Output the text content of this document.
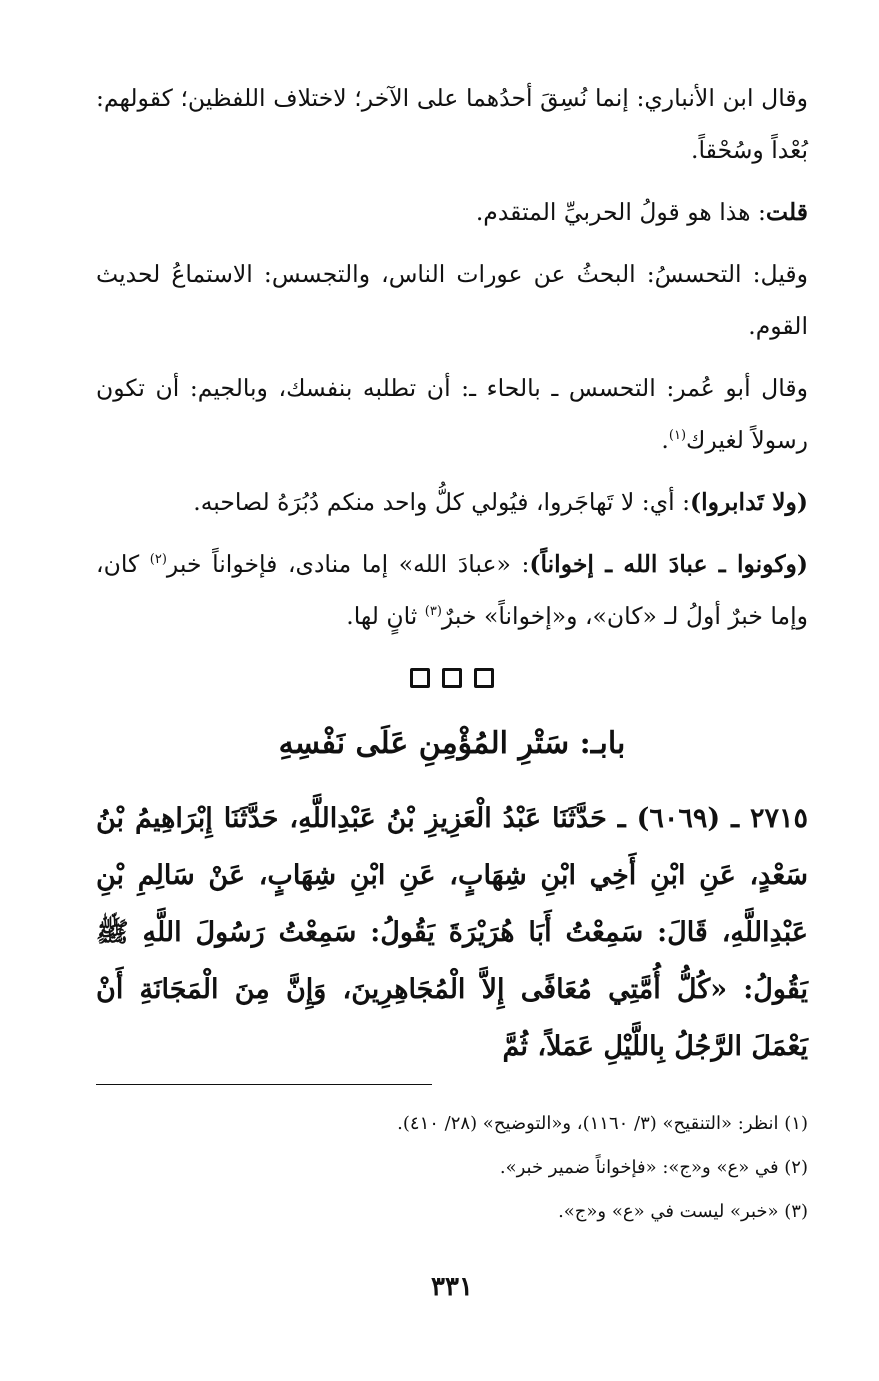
وقال ابن الأنباري: إنما نُسِقَ أحدُهما على الآخر؛ لاختلاف اللفظين؛ كقولهم: بُعْداً وسُحْقاً.

قلت: هذا هو قولُ الحربيِّ المتقدم.

وقيل: التحسسُ: البحثُ عن عورات الناس، والتجسس: الاستماعُ لحديث القوم.

وقال أبو عُمر: التحسس ـ بالحاء ـ: أن تطلبه بنفسك، وبالجيم: أن تكون رسولاً لغيرك$^{(١)}$.

(ولا تَدابروا): أي: لا تَهاجَروا، فيُولي كلُّ واحد منكم دُبُرَهُ لصاحبه.

(وكونوا ـ عبادَ الله ـ إخواناً): «عبادَ الله» إما منادى، فإخواناً خبر$^{(٢)}$ كان، وإما خبرٌ أولُ لـ «كان»، و«إخواناً» خبرٌ$^{(٣)}$ ثانٍ لها.

بابـ: سَتْرِ المُؤْمِنِ عَلَى نَفْسِهِ

٢٧١٥ ـ (٦٠٦٩) ـ حَدَّثَنَا عَبْدُ الْعَزِيزِ بْنُ عَبْدِاللَّهِ، حَدَّثَنَا إِبْرَاهِيمُ بْنُ سَعْدٍ، عَنِ ابْنِ أَخِي ابْنِ شِهَابٍ، عَنِ ابْنِ شِهَابٍ، عَنْ سَالِمِ بْنِ عَبْدِاللَّهِ، قَالَ: سَمِعْتُ أَبَا هُرَيْرَةَ يَقُولُ: سَمِعْتُ رَسُولَ اللَّهِ ﷺ يَقُولُ: «كُلُّ أُمَّتِي مُعَافًى إِلاَّ الْمُجَاهِرِينَ، وَإِنَّ مِنَ الْمَجَانَةِ أَنْ يَعْمَلَ الرَّجُلُ بِاللَّيْلِ عَمَلاً، ثُمَّ

(١) انظر: «التنقيح» (٣/ ١١٦٠)، و«التوضيح» (٢٨/ ٤١٠).

(٢) في «ع» و«ج»: «فإخواناً ضمير خبر».

(٣) «خبر» ليست في «ع» و«ج».

٣٣١
